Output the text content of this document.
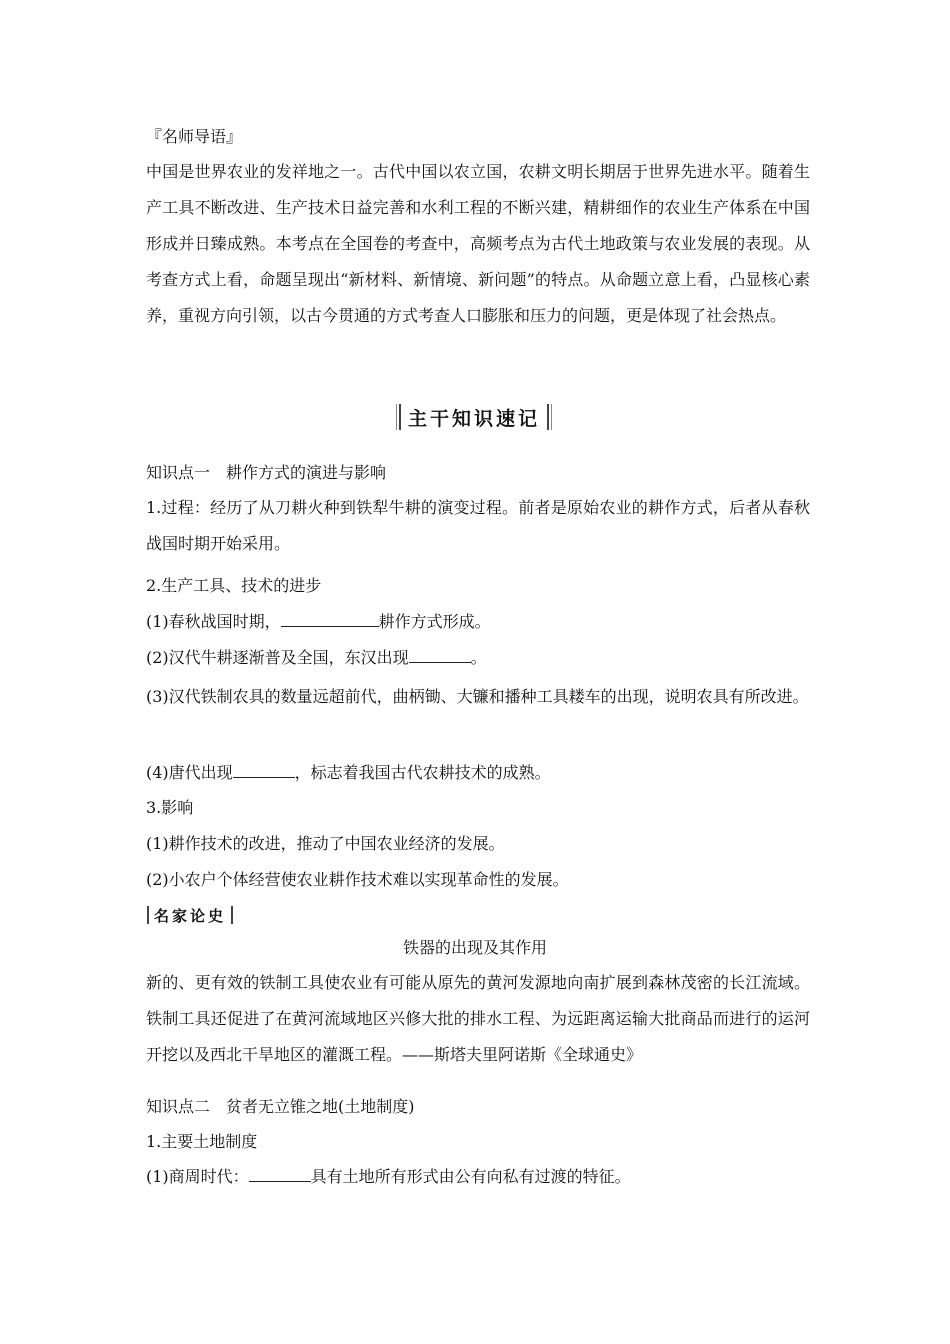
『名师导语』
中国是世界农业的发祥地之一。古代中国以农立国，农耕文明长期居于世界先进水平。随着生产工具不断改进、生产技术日益完善和水利工程的不断兴建，精耕细作的农业生产体系在中国形成并日臻成熟。本考点在全国卷的考查中，高频考点为古代土地政策与农业发展的表现。从考查方式上看，命题呈现出“新材料、新情境、新问题”的特点。从命题立意上看，凸显核心素养，重视方向引领，以古今贯通的方式考查人口膨胀和压力的问题，更是体现了社会热点。
主干知识速记
知识点一　耕作方式的演进与影响
1.过程：经历了从刀耕火种到铁犁牛耕的演变过程。前者是原始农业的耕作方式，后者从春秋战国时期开始采用。
2.生产工具、技术的进步
(1)春秋战国时期，	耕作方式形成。
(2)汉代牛耕逐渐普及全国，东汉出现	。
(3)汉代铁制农具的数量远超前代，曲柄锄、大镰和播种工具耧车的出现，说明农具有所改进。
(4)唐代出现	，标志着我国古代农耕技术的成熟。
3.影响
(1)耕作技术的改进，推动了中国农业经济的发展。
(2)小农户个体经营使农业耕作技术难以实现革命性的发展。
名家论史
铁器的出现及其作用
新的、更有效的铁制工具使农业有可能从原先的黄河发源地向南扩展到森林茂密的长江流域。铁制工具还促进了在黄河流域地区兴修大批的排水工程、为远距离运输大批商品而进行的运河开挖以及西北干旱地区的灌溉工程。——斯塔夫里阿诺斯《全球通史》
知识点二　贫者无立锥之地(土地制度)
1.主要土地制度
(1)商周时代：	具有土地所有形式由公有向私有过渡的特征。
